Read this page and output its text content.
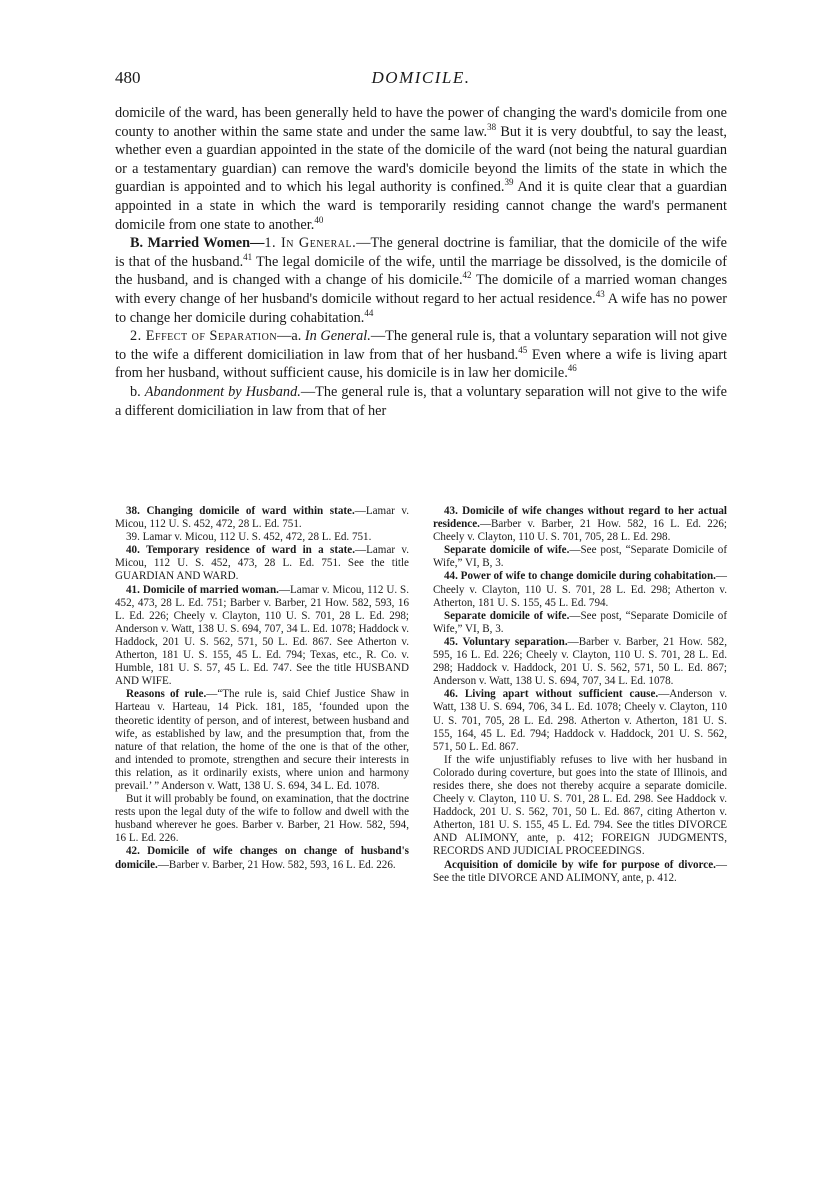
480	DOMICILE.

domicile of the ward, has been generally held to have the power of changing the ward's domicile from one county to another within the same state and under the same law.$^{38}$ But it is very doubtful, to say the least, whether even a guardian appointed in the state of the domicile of the ward (not being the natural guardian or a testamentary guardian) can remove the ward's domicile beyond the limits of the state in which the guardian is appointed and to which his legal authority is confined.$^{39}$ And it is quite clear that a guardian appointed in a state in which the ward is temporarily residing cannot change the ward's permanent domicile from one state to another.$^{40}$

B. Married Women—1. In General.—The general doctrine is familiar, that the domicile of the wife is that of the husband.$^{41}$ The legal domicile of the wife, until the marriage be dissolved, is the domicile of the husband, and is changed with a change of his domicile.$^{42}$ The domicile of a married woman changes with every change of her husband's domicile without regard to her actual residence.$^{43}$ A wife has no power to change her domicile during cohabitation.$^{44}$

2. Effect of Separation—a. In General.—The general rule is, that a voluntary separation will not give to the wife a different domiciliation in law from that of her husband.$^{45}$ Even where a wife is living apart from her husband, without sufficient cause, his domicile is in law her domicile.$^{46}$

b. Abandonment by Husband.—The general rule is, that a voluntary separation will not give to the wife a different domiciliation in law from that of her

38. Changing domicile of ward within state.—Lamar v. Micou, 112 U. S. 452, 472, 28 L. Ed. 751.

39. Lamar v. Micou, 112 U. S. 452, 472, 28 L. Ed. 751.

40. Temporary residence of ward in a state.—Lamar v. Micou, 112 U. S. 452, 473, 28 L. Ed. 751. See the title GUARDIAN AND WARD.

41. Domicile of married woman.—Lamar v. Micou, 112 U. S. 452, 473, 28 L. Ed. 751; Barber v. Barber, 21 How. 582, 593, 16 L. Ed. 226; Cheely v. Clayton, 110 U. S. 701, 28 L. Ed. 298; Anderson v. Watt, 138 U. S. 694, 707, 34 L. Ed. 1078; Haddock v. Haddock, 201 U. S. 562, 571, 50 L. Ed. 867. See Atherton v. Atherton, 181 U. S. 155, 45 L. Ed. 794; Texas, etc., R. Co. v. Humble, 181 U. S. 57, 45 L. Ed. 747. See the title HUSBAND AND WIFE.

Reasons of rule.—“The rule is, said Chief Justice Shaw in Harteau v. Harteau, 14 Pick. 181, 185, ‘founded upon the theoretic identity of person, and of interest, between husband and wife, as established by law, and the presumption that, from the nature of that relation, the home of the one is that of the other, and intended to promote, strengthen and secure their interests in this relation, as it ordinarily exists, where union and harmony prevail.’ ” Anderson v. Watt, 138 U. S. 694, 34 L. Ed. 1078.

But it will probably be found, on examination, that the doctrine rests upon the legal duty of the wife to follow and dwell with the husband wherever he goes. Barber v. Barber, 21 How. 582, 594, 16 L. Ed. 226.

42. Domicile of wife changes on change of husband's domicile.—Barber v. Barber, 21 How. 582, 593, 16 L. Ed. 226.

43. Domicile of wife changes without regard to her actual residence.—Barber v. Barber, 21 How. 582, 16 L. Ed. 226; Cheely v. Clayton, 110 U. S. 701, 705, 28 L. Ed. 298.

Separate domicile of wife.—See post, “Separate Domicile of Wife,” VI, B, 3.

44. Power of wife to change domicile during cohabitation.—Cheely v. Clayton, 110 U. S. 701, 28 L. Ed. 298; Atherton v. Atherton, 181 U. S. 155, 45 L. Ed. 794.

Separate domicile of wife.—See post, “Separate Domicile of Wife,” VI, B, 3.

45. Voluntary separation.—Barber v. Barber, 21 How. 582, 595, 16 L. Ed. 226; Cheely v. Clayton, 110 U. S. 701, 28 L. Ed. 298; Haddock v. Haddock, 201 U. S. 562, 571, 50 L. Ed. 867; Anderson v. Watt, 138 U. S. 694, 707, 34 L. Ed. 1078.

46. Living apart without sufficient cause.—Anderson v. Watt, 138 U. S. 694, 706, 34 L. Ed. 1078; Cheely v. Clayton, 110 U. S. 701, 705, 28 L. Ed. 298. Atherton v. Atherton, 181 U. S. 155, 164, 45 L. Ed. 794; Haddock v. Haddock, 201 U. S. 562, 571, 50 L. Ed. 867.

If the wife unjustifiably refuses to live with her husband in Colorado during coverture, but goes into the state of Illinois, and resides there, she does not thereby acquire a separate domicile. Cheely v. Clayton, 110 U. S. 701, 28 L. Ed. 298. See Haddock v. Haddock, 201 U. S. 562, 701, 50 L. Ed. 867, citing Atherton v. Atherton, 181 U. S. 155, 45 L. Ed. 794. See the titles DIVORCE AND ALIMONY, ante, p. 412; FOREIGN JUDGMENTS, RECORDS AND JUDICIAL PROCEEDINGS.

Acquisition of domicile by wife for purpose of divorce.—See the title DIVORCE AND ALIMONY, ante, p. 412.
